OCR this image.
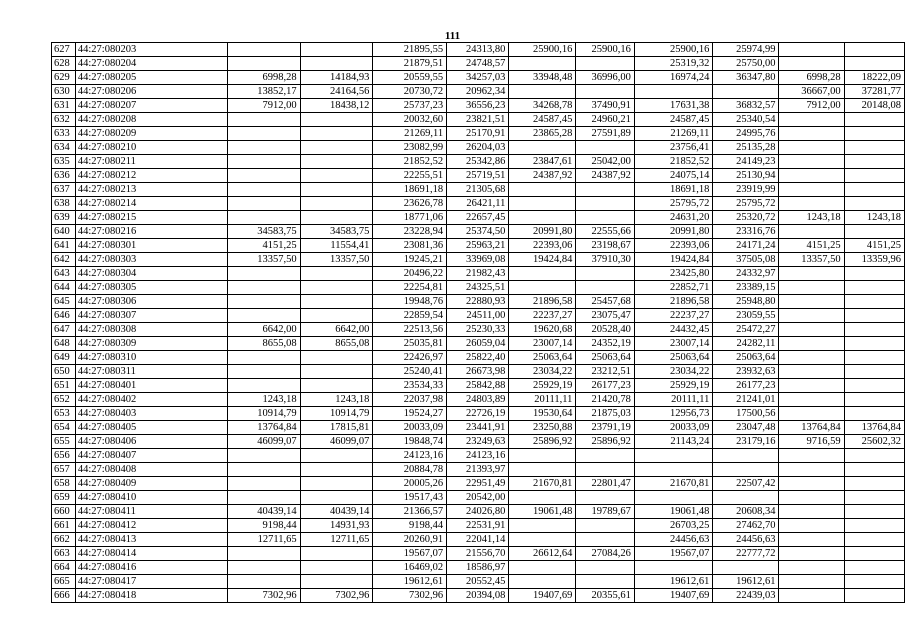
111
627	44:27:080203			21895,55	24313,80	25900,16	25900,16	25900,16	25974,99		
628	44:27:080204			21879,51	24748,57			25319,32	25750,00		
629	44:27:080205	6998,28	14184,93	20559,55	34257,03	33948,48	36996,00	16974,24	36347,80	6998,28	18222,09
630	44:27:080206	13852,17	24164,56	20730,72	20962,34					36667,00	37281,77
631	44:27:080207	7912,00	18438,12	25737,23	36556,23	34268,78	37490,91	17631,38	36832,57	7912,00	20148,08
632	44:27:080208			20032,60	23821,51	24587,45	24960,21	24587,45	25340,54		
633	44:27:080209			21269,11	25170,91	23865,28	27591,89	21269,11	24995,76		
634	44:27:080210			23082,99	26204,03			23756,41	25135,28		
635	44:27:080211			21852,52	25342,86	23847,61	25042,00	21852,52	24149,23		
636	44:27:080212			22255,51	25719,51	24387,92	24387,92	24075,14	25130,94		
637	44:27:080213			18691,18	21305,68			18691,18	23919,99		
638	44:27:080214			23626,78	26421,11			25795,72	25795,72		
639	44:27:080215			18771,06	22657,45			24631,20	25320,72	1243,18	1243,18
640	44:27:080216	34583,75	34583,75	23228,94	25374,50	20991,80	22555,66	20991,80	23316,76		
641	44:27:080301	4151,25	11554,41	23081,36	25963,21	22393,06	23198,67	22393,06	24171,24	4151,25	4151,25
642	44:27:080303	13357,50	13357,50	19245,21	33969,08	19424,84	37910,30	19424,84	37505,08	13357,50	13359,96
643	44:27:080304			20496,22	21982,43			23425,80	24332,97		
644	44:27:080305			22254,81	24325,51			22852,71	23389,15		
645	44:27:080306			19948,76	22880,93	21896,58	25457,68	21896,58	25948,80		
646	44:27:080307			22859,54	24511,00	22237,27	23075,47	22237,27	23059,55		
647	44:27:080308	6642,00	6642,00	22513,56	25230,33	19620,68	20528,40	24432,45	25472,27		
648	44:27:080309	8655,08	8655,08	25035,81	26059,04	23007,14	24352,19	23007,14	24282,11		
649	44:27:080310			22426,97	25822,40	25063,64	25063,64	25063,64	25063,64		
650	44:27:080311			25240,41	26673,98	23034,22	23212,51	23034,22	23932,63		
651	44:27:080401			23534,33	25842,88	25929,19	26177,23	25929,19	26177,23		
652	44:27:080402	1243,18	1243,18	22037,98	24803,89	20111,11	21420,78	20111,11	21241,01		
653	44:27:080403	10914,79	10914,79	19524,27	22726,19	19530,64	21875,03	12956,73	17500,56		
654	44:27:080405	13764,84	17815,81	20033,09	23441,91	23250,88	23791,19	20033,09	23047,48	13764,84	13764,84
655	44:27:080406	46099,07	46099,07	19848,74	23249,63	25896,92	25896,92	21143,24	23179,16	9716,59	25602,32
656	44:27:080407			24123,16	24123,16						
657	44:27:080408			20884,78	21393,97						
658	44:27:080409			20005,26	22951,49	21670,81	22801,47	21670,81	22507,42		
659	44:27:080410			19517,43	20542,00						
660	44:27:080411	40439,14	40439,14	21366,57	24026,80	19061,48	19789,67	19061,48	20608,34		
661	44:27:080412	9198,44	14931,93	9198,44	22531,91			26703,25	27462,70		
662	44:27:080413	12711,65	12711,65	20260,91	22041,14			24456,63	24456,63		
663	44:27:080414			19567,07	21556,70	26612,64	27084,26	19567,07	22777,72		
664	44:27:080416			16469,02	18586,97						
665	44:27:080417			19612,61	20552,45			19612,61	19612,61		
666	44:27:080418	7302,96	7302,96	7302,96	20394,08	19407,69	20355,61	19407,69	22439,03		
